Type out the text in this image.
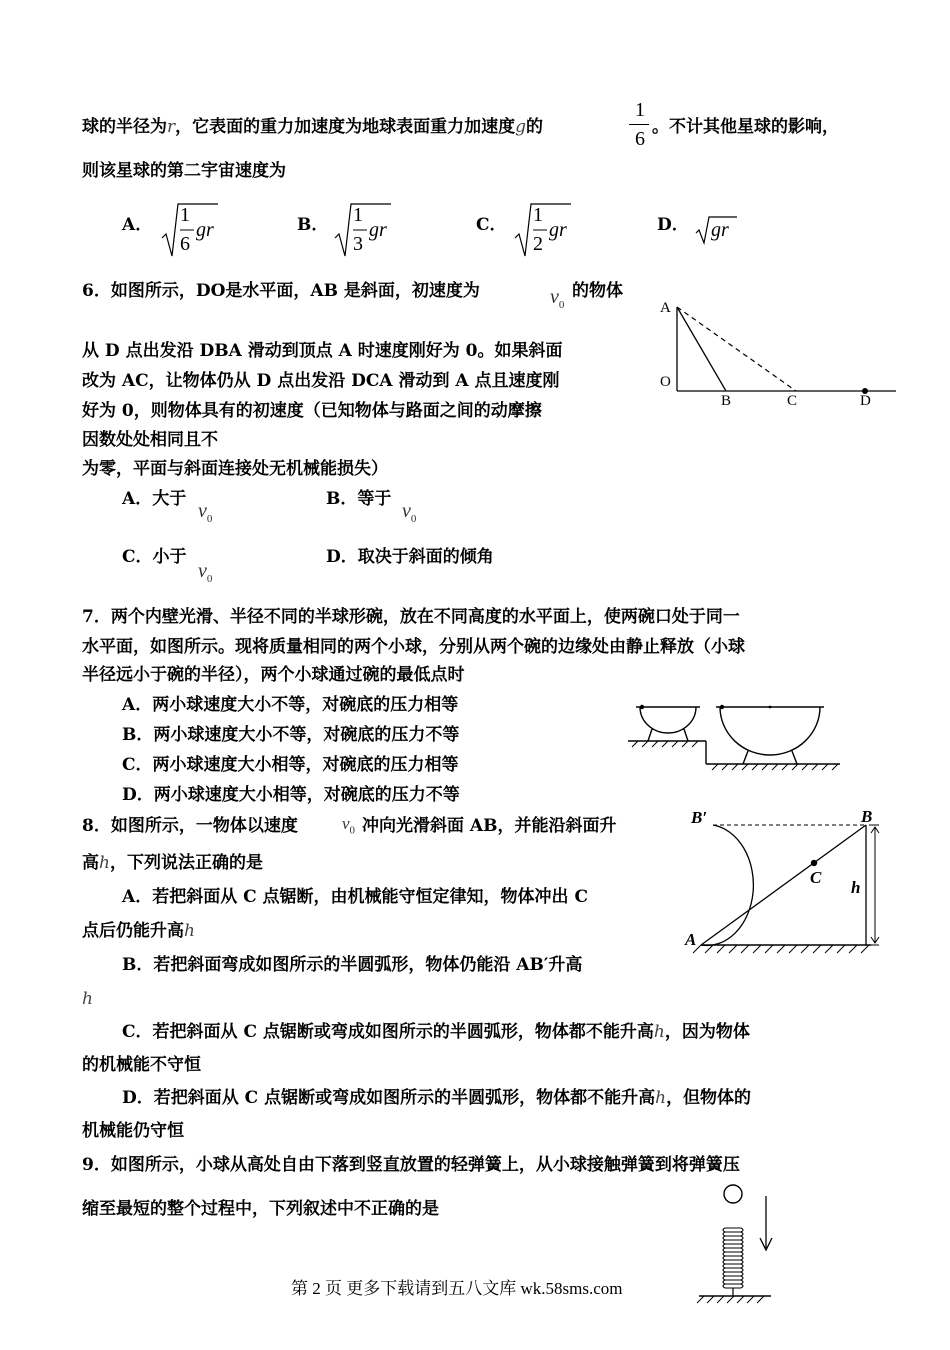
球的半径为r，它表面的重力加速度为地球表面重力加速度g的
1
6
。不计其他星球的影响，
则该星球的第二宇宙速度为
A． 1
6
gr	B． 1
3
gr	C． 1
2
gr	D． gr
6．如图所示，DO是水平面，AB 是斜面，初速度为	$v_0$
的物体
从 D 点出发沿 DBA 滑动到顶点 A 时速度刚好为 0。如果斜面
改为 AC，让物体仍从 D 点出发沿 DCA 滑动到 A 点且速度刚
好为 0，则物体具有的初速度（已知物体与路面之间的动摩擦
因数处处相同且不
为零，平面与斜面连接处无机械能损失）
A．大于
$v_0$
B．等于
$v_0$
C．小于
$v_0$
D．取决于斜面的倾角
A
O
B	C	D
7．两个内壁光滑、半径不同的半球形碗，放在不同高度的水平面上，使两碗口处于同一
水平面，如图所示。现将质量相同的两个小球，分别从两个碗的边缘处由静止释放（小球
半径远小于碗的半径），两个小球通过碗的最低点时
A．两小球速度大小不等，对碗底的压力相等
B．两小球速度大小不等，对碗底的压力不等
C．两小球速度大小相等，对碗底的压力相等
D．两小球速度大小相等，对碗底的压力不等
8．如图所示，一物体以速度	$v_0$ 冲向光滑斜面 AB，并能沿斜面升
高h，下列说法正确的是
A．若把斜面从 C 点锯断，由机械能守恒定律知，物体冲出 C
点后仍能升高h
B．若把斜面弯成如图所示的半圆弧形，物体仍能沿 AB′升高
h
C．若把斜面从 C 点锯断或弯成如图所示的半圆弧形，物体都不能升高h，因为物体
的机械能不守恒
D．若把斜面从 C 点锯断或弯成如图所示的半圆弧形，物体都不能升高h，但物体的
机械能仍守恒
B′	B
C
A
h
9．如图所示，小球从高处自由下落到竖直放置的轻弹簧上，从小球接触弹簧到将弹簧压
缩至最短的整个过程中，下列叙述中不正确的是
第 2 页 更多下载请到五八文库 wk.58sms.com
